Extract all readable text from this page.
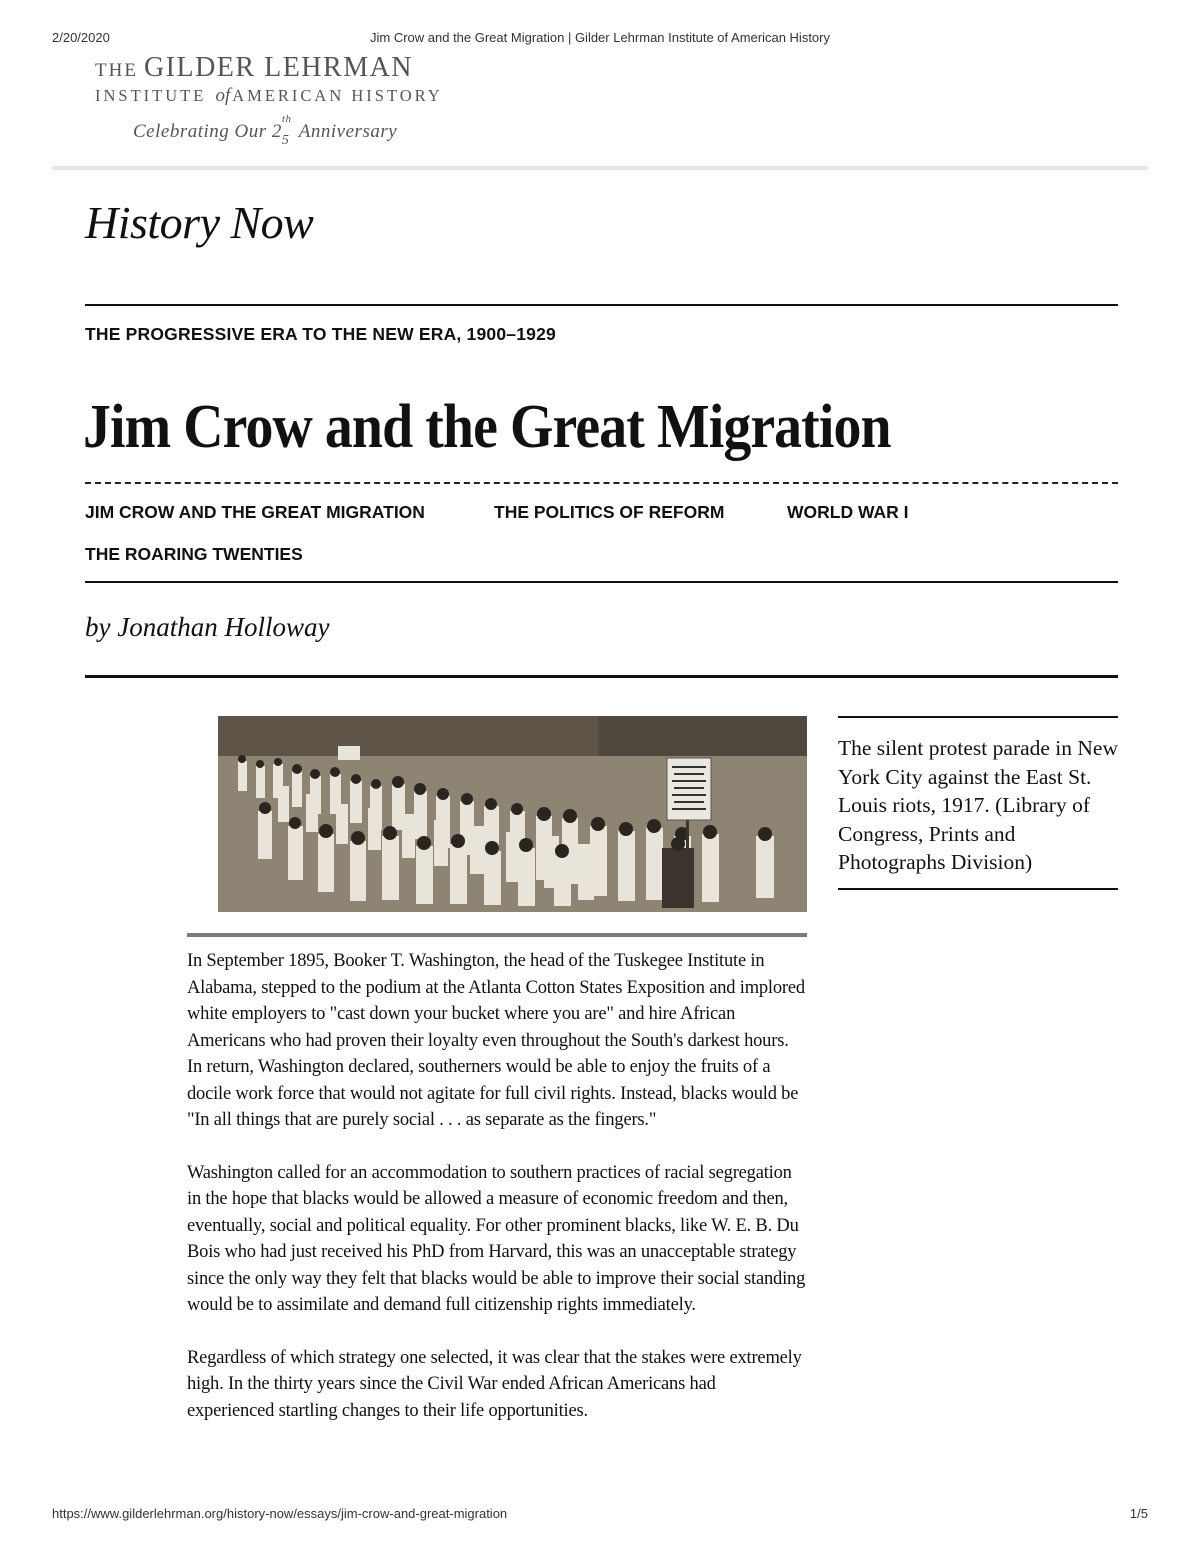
2/20/2020	Jim Crow and the Great Migration | Gilder Lehrman Institute of American History
THE GILDER LEHRMAN
INSTITUTE of AMERICAN HISTORY
Celebrating Our 2
th
5 Anniversary
History Now
THE PROGRESSIVE ERA TO THE NEW ERA, 1900–1929
Jim Crow and the Great Migration
JIM CROW AND THE GREAT MIGRATION	THE POLITICS OF REFORM	WORLD WAR I
THE ROARING TWENTIES
by Jonathan Holloway
The silent protest parade in New York City against the East St. Louis riots, 1917. (Library of Congress, Prints and Photographs Division)

In September 1895, Booker T. Washington, the head of the Tuskegee Institute in Alabama, stepped to the podium at the Atlanta Cotton States Exposition and implored white employers to "cast down your bucket where you are" and hire African Americans who had proven their loyalty even throughout the South's darkest hours. In return, Washington declared, southerners would be able to enjoy the fruits of a docile work force that would not agitate for full civil rights. Instead, blacks would be "In all things that are purely social . . . as separate as the fingers."

Washington called for an accommodation to southern practices of racial segregation in the hope that blacks would be allowed a measure of economic freedom and then, eventually, social and political equality. For other prominent blacks, like W. E. B. Du Bois who had just received his PhD from Harvard, this was an unacceptable strategy since the only way they felt that blacks would be able to improve their social standing would be to assimilate and demand full citizenship rights immediately.

Regardless of which strategy one selected, it was clear that the stakes were extremely high. In the thirty years since the Civil War ended African Americans had experienced startling changes to their life opportunities.

https://www.gilderlehrman.org/history-now/essays/jim-crow-and-great-migration	1/5
